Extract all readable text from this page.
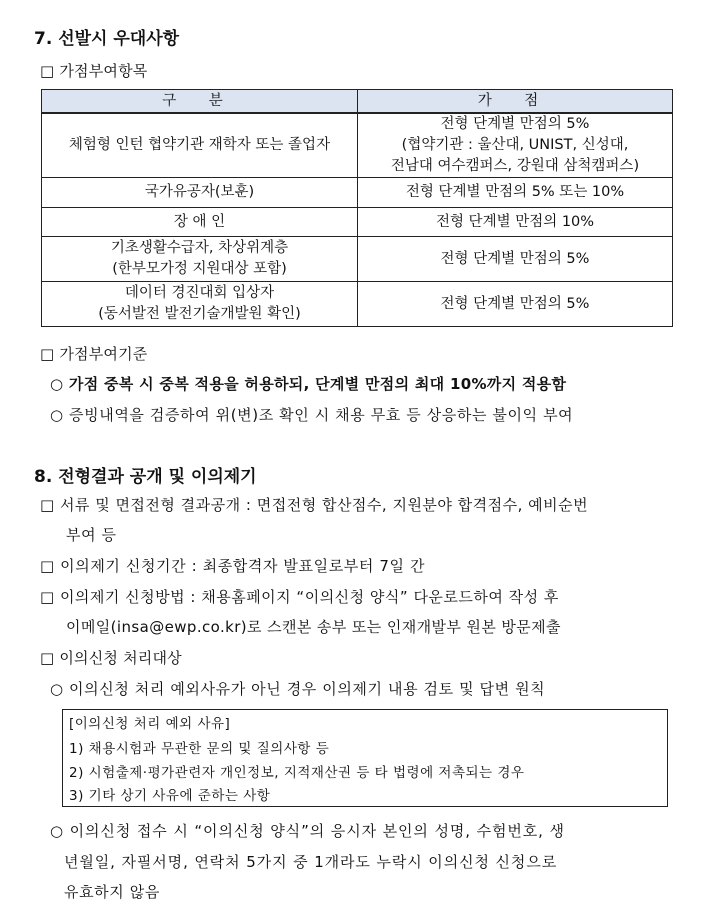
7. 선발시 우대사항
□ 가점부여항목
구 분	가 점

체험형 인턴 협약기관 재학자 또는 졸업자	전형 단계별 만점의 5%
(협약기관 : 울산대, UNIST, 신성대,
전남대 여수캠퍼스, 강원대 삼척캠퍼스)

국가유공자(보훈)	전형 단계별 만점의 5% 또는 10%

장 애 인	전형 단계별 만점의 10%

기초생활수급자, 차상위계층
(한부모가정 지원대상 포함)	전형 단계별 만점의 5%

데이터 경진대회 입상자
(동서발전 발전기술개발원 확인)	전형 단계별 만점의 5%
□ 가점부여기준
○ 가점 중복 시 중복 적용을 허용하되, 단계별 만점의 최대 10%까지 적용함
○ 증빙내역을 검증하여 위(변)조 확인 시 채용 무효 등 상응하는 불이익 부여
8. 전형결과 공개 및 이의제기
□ 서류 및 면접전형 결과공개 : 면접전형 합산점수, 지원분야 합격점수, 예비순번
부여 등
□ 이의제기 신청기간 : 최종합격자 발표일로부터 7일 간
□ 이의제기 신청방법 : 채용홈페이지 “이의신청 양식” 다운로드하여 작성 후
이메일(insa@ewp.co.kr)로 스캔본 송부 또는 인재개발부 원본 방문제출
□ 이의신청 처리대상
○ 이의신청 처리 예외사유가 아닌 경우 이의제기 내용 검토 및 답변 원칙
[이의신청 처리 예외 사유]
1) 채용시험과 무관한 문의 및 질의사항 등
2) 시험출제·평가관련자 개인정보, 지적재산권 등 타 법령에 저촉되는 경우
3) 기타 상기 사유에 준하는 사항
○ 이의신청 접수 시 “이의신청 양식”의 응시자 본인의 성명, 수험번호, 생
년월일, 자필서명, 연락처 5가지 중 1개라도 누락시 이의신청 신청으로
유효하지 않음
